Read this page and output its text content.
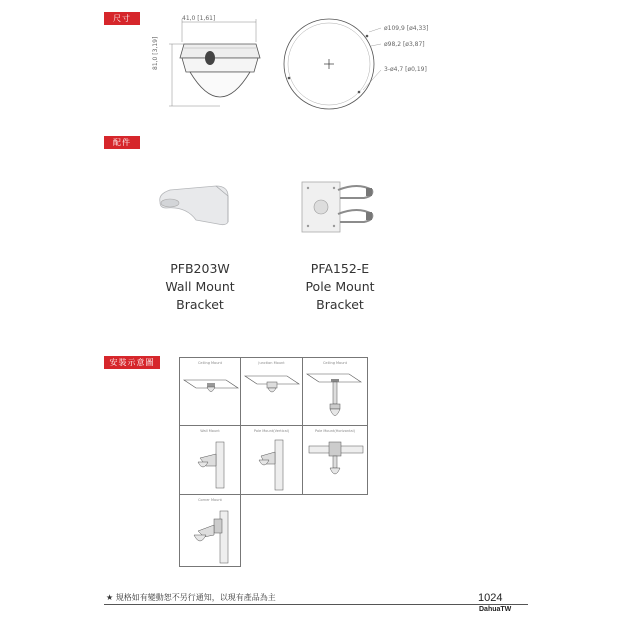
尺寸
配件
安裝示意圖
41,0 [1,61]
81,0 [3,19]
ø109,9 [ø4,33]
ø98,2 [ø3,87]
3-ø4,7 [ø0,19]
PFB203W
Wall Mount
Bracket
PFA152-E
Pole Mount
Bracket
Ceiling Mount	Junction Mount	Ceiling Mount
Wall Mount	Pole Mount(Vertical)	Pole Mount(Horizontal)
Corner Mount
★ 規格如有變動恕不另行通知，以現有產品為主	1024
DahuaTW
